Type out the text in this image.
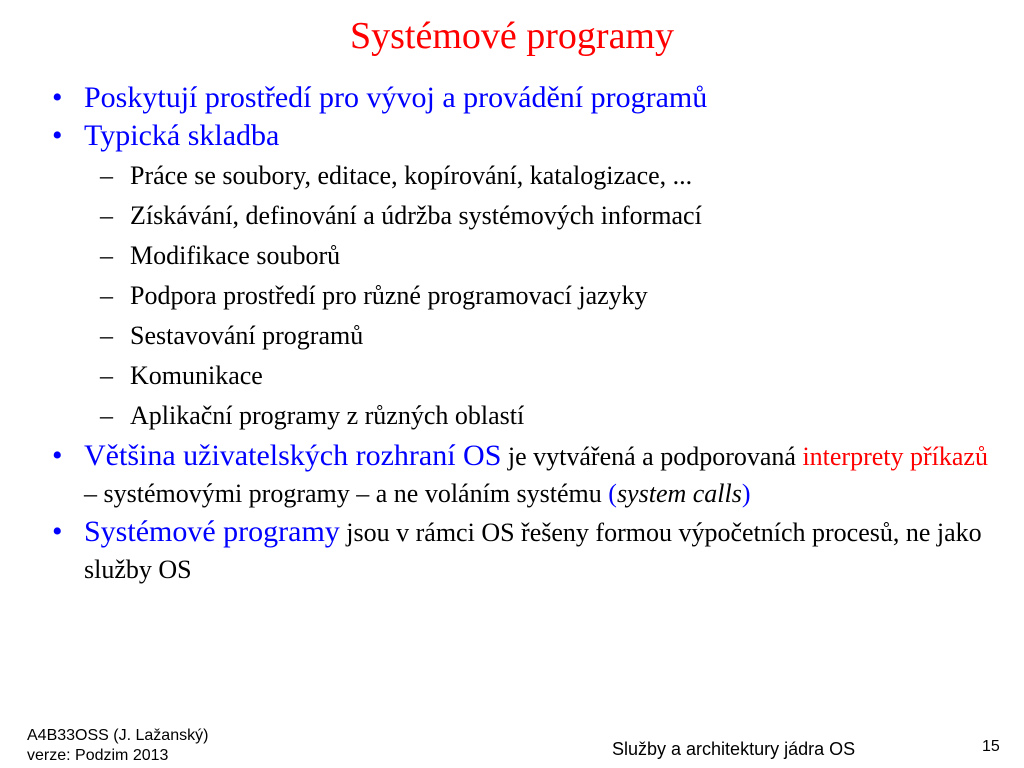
Systémové programy
• Poskytují prostředí pro vývoj a provádění programů
• Typická skladba
– Práce se soubory, editace, kopírování, katalogizace, ...
– Získávání, definování a údržba systémových informací
– Modifikace souborů
– Podpora prostředí pro různé programovací jazyky
– Sestavování programů
– Komunikace
– Aplikační programy z různých oblastí
• Většina uživatelských rozhraní OS je vytvářená a podporovaná interprety příkazů – systémovými programy – a ne voláním systému (system calls)
• Systémové programy jsou v rámci OS řešeny formou výpočetních procesů, ne jako služby OS
A4B33OSS (J. Lažanský)
verze: Podzim 2013	Služby a architektury jádra OS	15
